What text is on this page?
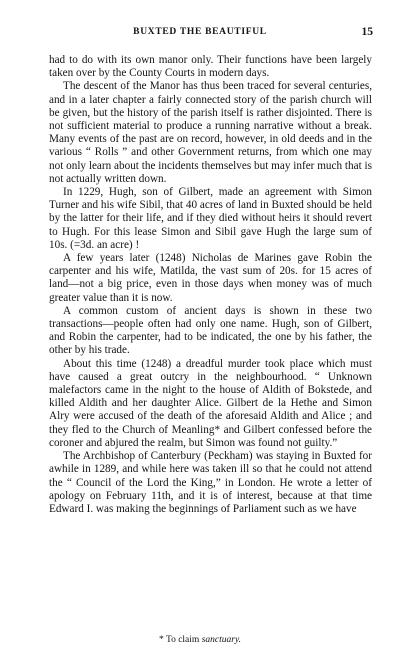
BUXTED THE BEAUTIFUL	15

had to do with its own manor only. Their functions have been largely taken over by the County Courts in modern days.

The descent of the Manor has thus been traced for several centuries, and in a later chapter a fairly connected story of the parish church will be given, but the history of the parish itself is rather disjointed. There is not sufficient material to produce a running narrative without a break. Many events of the past are on record, however, in old deeds and in the various “ Rolls ” and other Government returns, from which one may not only learn about the incidents themselves but may infer much that is not actually written down.

In 1229, Hugh, son of Gilbert, made an agreement with Simon Turner and his wife Sibil, that 40 acres of land in Buxted should be held by the latter for their life, and if they died without heirs it should revert to Hugh. For this lease Simon and Sibil gave Hugh the large sum of 10s. (=3d. an acre) !

A few years later (1248) Nicholas de Marines gave Robin the carpenter and his wife, Matilda, the vast sum of 20s. for 15 acres of land—not a big price, even in those days when money was of much greater value than it is now.

A common custom of ancient days is shown in these two transactions—people often had only one name. Hugh, son of Gilbert, and Robin the carpenter, had to be indicated, the one by his father, the other by his trade.

About this time (1248) a dreadful murder took place which must have caused a great outcry in the neighbourhood. “ Unknown malefactors came in the night to the house of Aldith of Bokstede, and killed Aldith and her daughter Alice. Gilbert de la Hethe and Simon Alry were accused of the death of the aforesaid Aldith and Alice ; and they fled to the Church of Meanling* and Gilbert confessed before the coroner and abjured the realm, but Simon was found not guilty.”

The Archbishop of Canterbury (Peckham) was staying in Buxted for awhile in 1289, and while here was taken ill so that he could not attend the “ Council of the Lord the King,” in London. He wrote a letter of apology on February 11th, and it is of interest, because at that time Edward I. was making the beginnings of Parliament such as we have

* To claim sanctuary.
